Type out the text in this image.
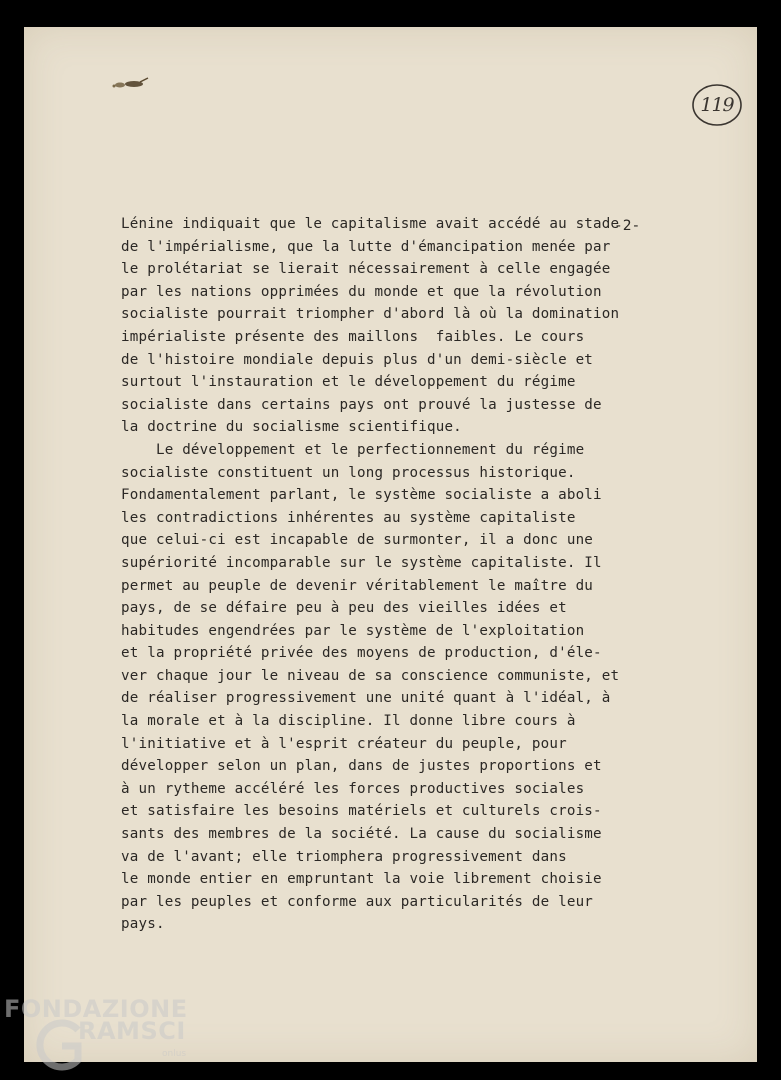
119
-2-
Lénine indiquait que le capitalisme avait accédé au stade
de l'impérialisme, que la lutte d'émancipation menée par
le prolétariat se lierait nécessairement à celle engagée
par les nations opprimées du monde et que la révolution
socialiste pourrait triompher d'abord là où la domination
impérialiste présente des maillons  faibles. Le cours
de l'histoire mondiale depuis plus d'un demi-siècle et
surtout l'instauration et le développement du régime
socialiste dans certains pays ont prouvé la justesse de
la doctrine du socialisme scientifique.
Le développement et le perfectionnement du régime
socialiste constituent un long processus historique.
Fondamentalement parlant, le système socialiste a aboli
les contradictions inhérentes au système capitaliste
que celui-ci est incapable de surmonter, il a donc une
supériorité incomparable sur le système capitaliste. Il
permet au peuple de devenir véritablement le maître du
pays, de se défaire peu à peu des vieilles idées et
habitudes engendrées par le système de l'exploitation
et la propriété privée des moyens de production, d'éle-
ver chaque jour le niveau de sa conscience communiste, et
de réaliser progressivement une unité quant à l'idéal, à
la morale et à la discipline. Il donne libre cours à
l'initiative et à l'esprit créateur du peuple, pour
développer selon un plan, dans de justes proportions et
à un rytheme accéléré les forces productives sociales
et satisfaire les besoins matériels et culturels crois-
sants des membres de la société. La cause du socialisme
va de l'avant; elle triomphera progressivement dans
le monde entier en empruntant la voie librement choisie
par les peuples et conforme aux particularités de leur
pays.
FONDAZIONE
RAMSCI
onlus
